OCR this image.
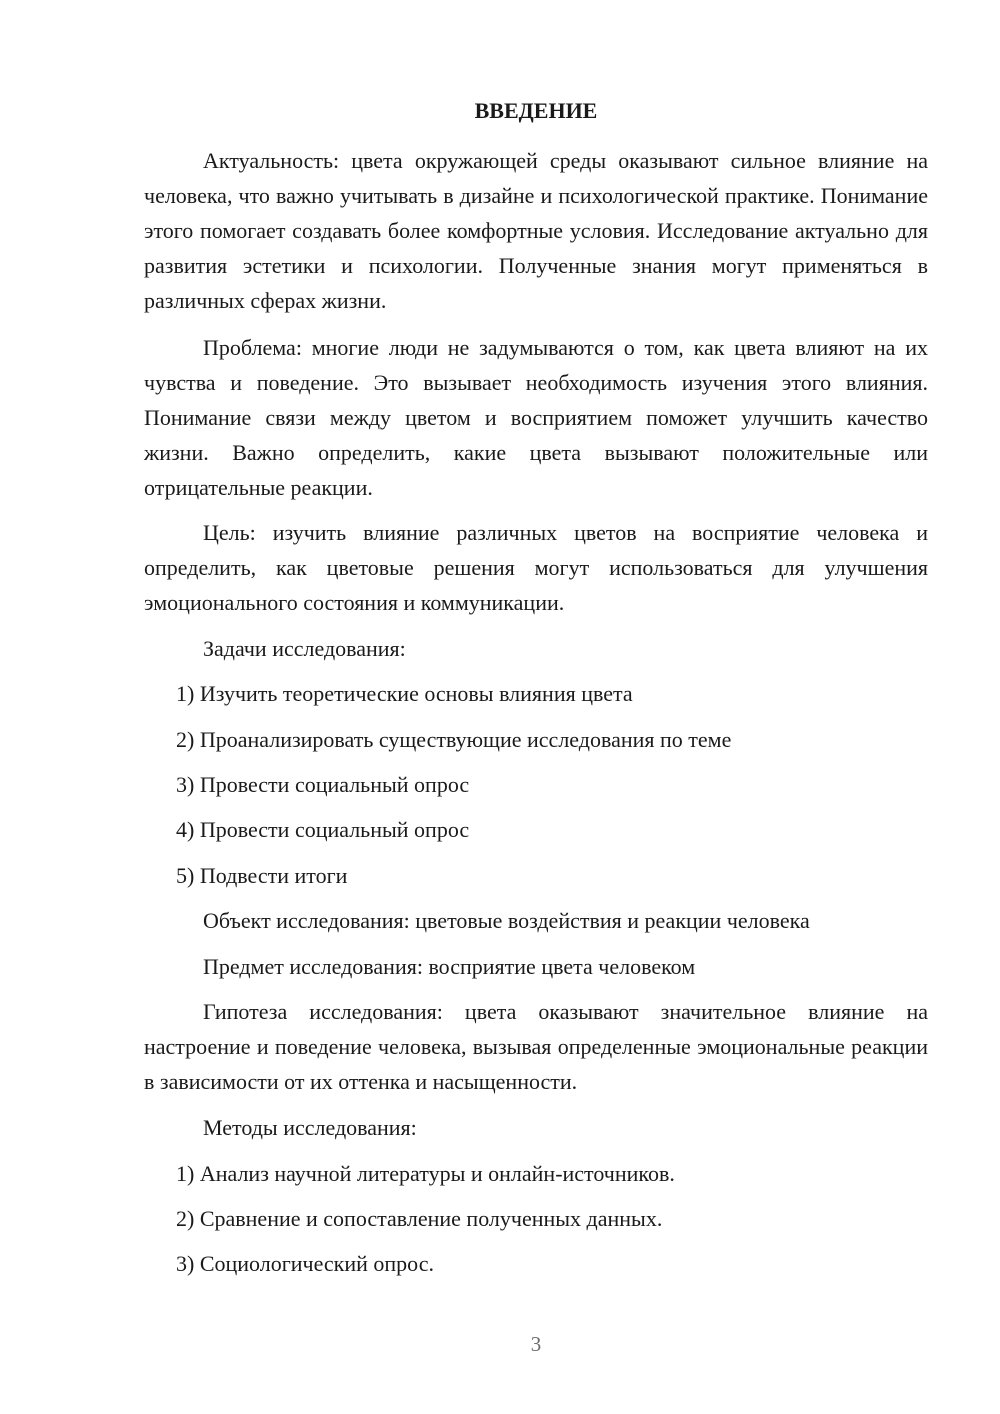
ВВЕДЕНИЕ

Актуальность: цвета окружающей среды оказывают сильное влияние на человека, что важно учитывать в дизайне и психологической практике. Понимание этого помогает создавать более комфортные условия. Исследование актуально для развития эстетики и психологии. Полученные знания могут применяться в различных сферах жизни.

Проблема: многие люди не задумываются о том, как цвета влияют на их чувства и поведение. Это вызывает необходимость изучения этого влияния. Понимание связи между цветом и восприятием поможет улучшить качество жизни. Важно определить, какие цвета вызывают положительные или отрицательные реакции.

Цель: изучить влияние различных цветов на восприятие человека и определить, как цветовые решения могут использоваться для улучшения эмоционального состояния и коммуникации.

Задачи исследования:

1) Изучить теоретические основы влияния цвета

2) Проанализировать существующие исследования по теме

3) Провести социальный опрос

4) Провести социальный опрос

5) Подвести итоги

Объект исследования: цветовые воздействия и реакции человека

Предмет исследования: восприятие цвета человеком

Гипотеза исследования: цвета оказывают значительное влияние на настроение и поведение человека, вызывая определенные эмоциональные реакции в зависимости от их оттенка и насыщенности.

Методы исследования:

1) Анализ научной литературы и онлайн-источников.

2) Сравнение и сопоставление полученных данных.

3) Социологический опрос.

3
